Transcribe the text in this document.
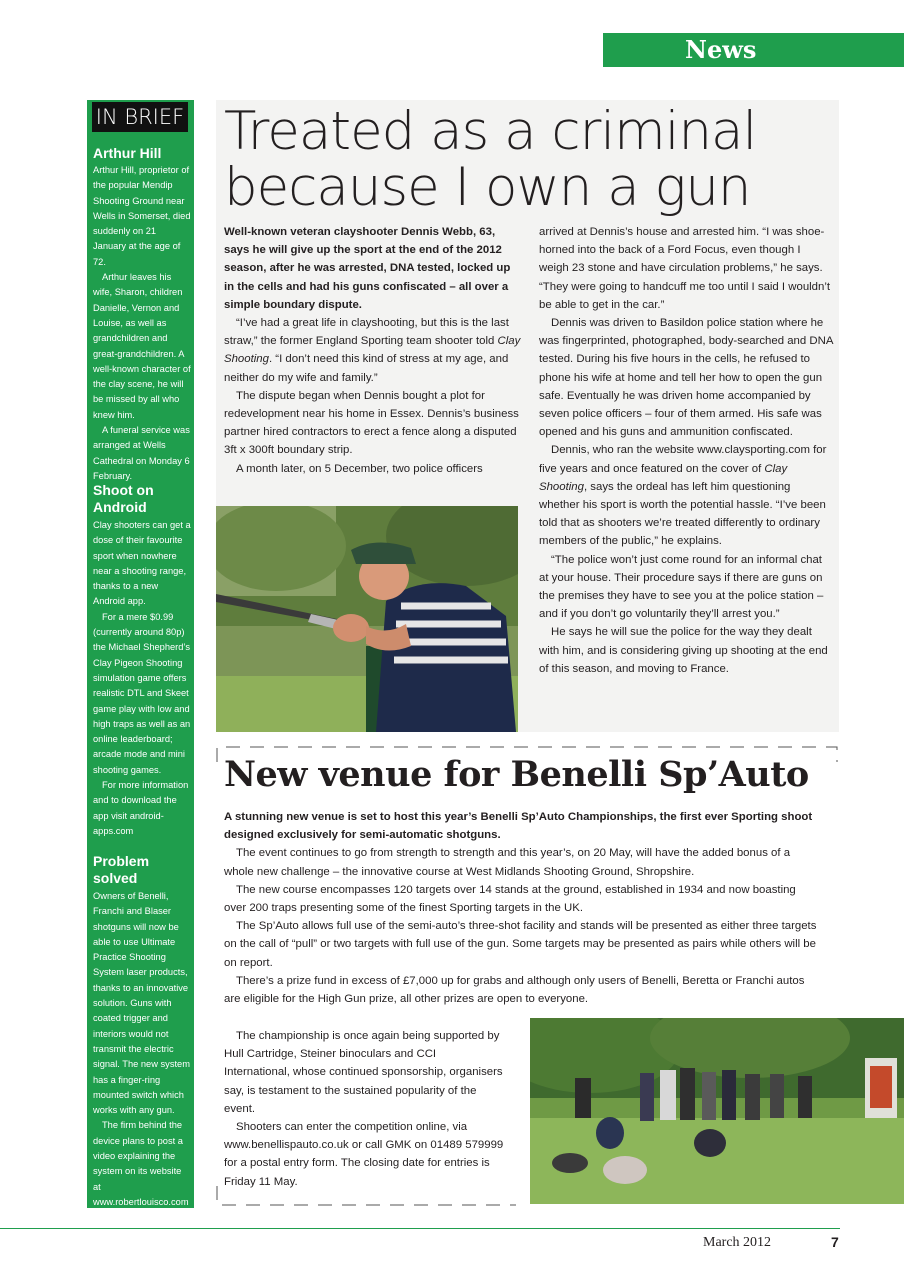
News
IN BRIEF
Arthur Hill

Arthur Hill, proprietor of the popular Mendip Shooting Ground near Wells in Somerset, died suddenly on 21 January at the age of 72.

Arthur leaves his wife, Sharon, children Danielle, Vernon and Louise, as well as grandchildren and great-grandchildren. A well-known character of the clay scene, he will be missed by all who knew him.

A funeral service was arranged at Wells Cathedral on Monday 6 February.

Shoot on Android

Clay shooters can get a dose of their favourite sport when nowhere near a shooting range, thanks to a new Android app.

For a mere $0.99 (currently around 80p) the Michael Shepherd’s Clay Pigeon Shooting simulation game offers realistic DTL and Skeet game play with low and high traps as well as an online leaderboard; arcade mode and mini shooting games.

For more information and to download the app visit android-apps.com

Problem solved

Owners of Benelli, Franchi and Blaser shotguns will now be able to use Ultimate Practice Shooting System laser products, thanks to an innovative solution. Guns with coated trigger and interiors would not transmit the electric signal. The new system has a finger-ring mounted switch which works with any gun.

The firm behind the device plans to post a video explaining the system on its website at www.robertlouisco.com

Treated as a criminal
because I own a gun

Well-known veteran clayshooter Dennis Webb, 63, says he will give up the sport at the end of the 2012 season, after he was arrested, DNA tested, locked up in the cells and had his guns confiscated – all over a simple boundary dispute.

“I’ve had a great life in clayshooting, but this is the last straw,” the former England Sporting team shooter told Clay Shooting. “I don’t need this kind of stress at my age, and neither do my wife and family.”

The dispute began when Dennis bought a plot for redevelopment near his home in Essex. Dennis’s business partner hired contractors to erect a fence along a disputed 3ft x 300ft boundary strip.

A month later, on 5 December, two police officers

arrived at Dennis’s house and arrested him. “I was shoe-horned into the back of a Ford Focus, even though I weigh 23 stone and have circulation problems,” he says. “They were going to handcuff me too until I said I wouldn’t be able to get in the car.”

Dennis was driven to Basildon police station where he was fingerprinted, photographed, body-searched and DNA tested. During his five hours in the cells, he refused to phone his wife at home and tell her how to open the gun safe. Eventually he was driven home accompanied by seven police officers – four of them armed. His safe was opened and his guns and ammunition confiscated.

Dennis, who ran the website www.claysporting.com for five years and once featured on the cover of Clay Shooting, says the ordeal has left him questioning whether his sport is worth the potential hassle. “I’ve been told that as shooters we’re treated differently to ordinary members of the public,” he explains.

“The police won’t just come round for an informal chat at your house. Their procedure says if there are guns on the premises they have to see you at the police station – and if you don’t go voluntarily they’ll arrest you.”

He says he will sue the police for the way they dealt with him, and is considering giving up shooting at the end of this season, and moving to France.

New venue for Benelli Sp’Auto

A stunning new venue is set to host this year’s Benelli Sp’Auto Championships, the first ever Sporting shoot designed exclusively for semi-automatic shotguns.

The event continues to go from strength to strength and this year’s, on 20 May, will have the added bonus of a whole new challenge – the innovative course at West Midlands Shooting Ground, Shropshire.

The new course encompasses 120 targets over 14 stands at the ground, established in 1934 and now boasting over 200 traps presenting some of the finest Sporting targets in the UK.

The Sp’Auto allows full use of the semi-auto’s three-shot facility and stands will be presented as either three targets on the call of “pull” or two targets with full use of the gun. Some targets may be presented as pairs while others will be on report.

There’s a prize fund in excess of £7,000 up for grabs and although only users of Benelli, Beretta or Franchi autos are eligible for the High Gun prize, all other prizes are open to everyone.

The championship is once again being supported by Hull Cartridge, Steiner binoculars and CCI International, whose continued sponsorship, organisers say, is testament to the sustained popularity of the event.

Shooters can enter the competition online, via www.benellispauto.co.uk or call GMK on 01489 579999 for a postal entry form. The closing date for entries is Friday 11 May.

March 2012	7
